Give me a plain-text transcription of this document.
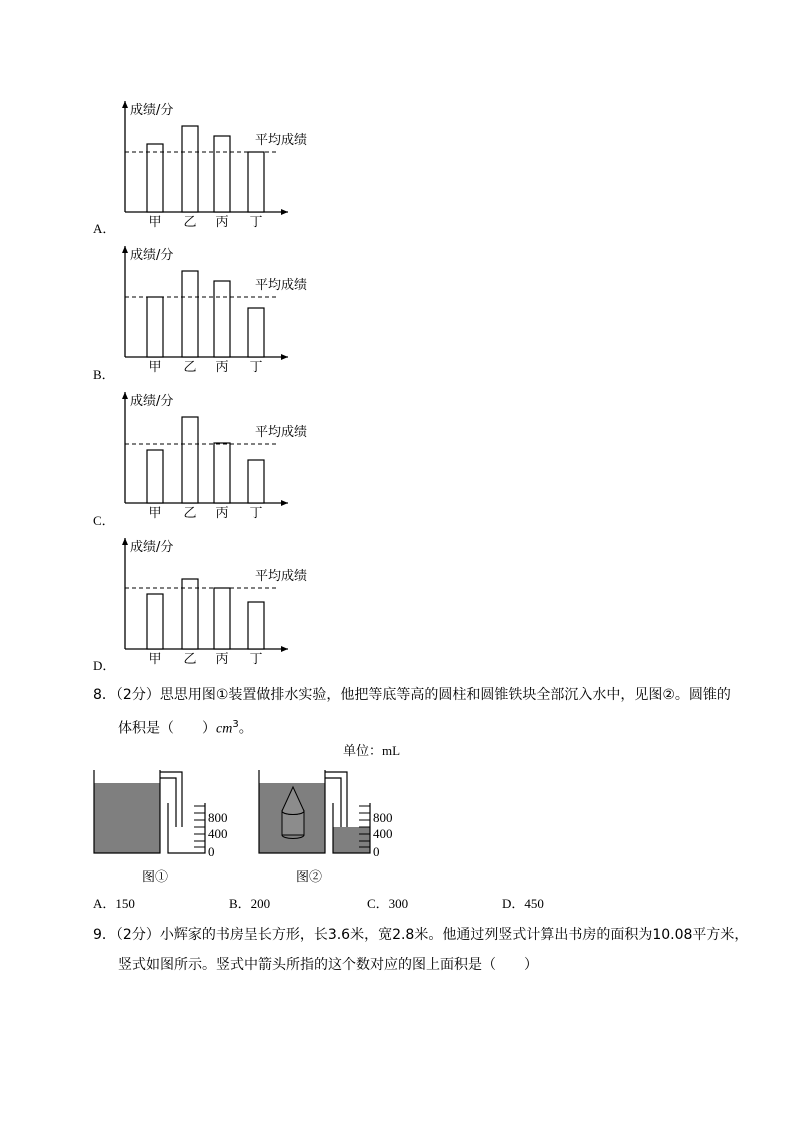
成绩/分
甲 乙 丙 丁
平均成绩
A．
成绩/分
甲 乙 丙 丁
平均成绩
B．
成绩/分
甲 乙 丙 丁
平均成绩
C．
成绩/分
甲 乙 丙 丁
平均成绩
D．
8．（2分）思思用图①装置做排水实验，他把等底等高的圆柱和圆锥铁块全部沉入水中，见图②。圆锥的
体积是（　　）$cm^3$。
单位：mL
800
400
0
图①
800
400
0
图②
A．150	B．200	C．300	D．450
9．（2分）小辉家的书房呈长方形，长3.6米，宽2.8米。他通过列竖式计算出书房的面积为10.08平方米，
竖式如图所示。竖式中箭头所指的这个数对应的图上面积是（　　）
